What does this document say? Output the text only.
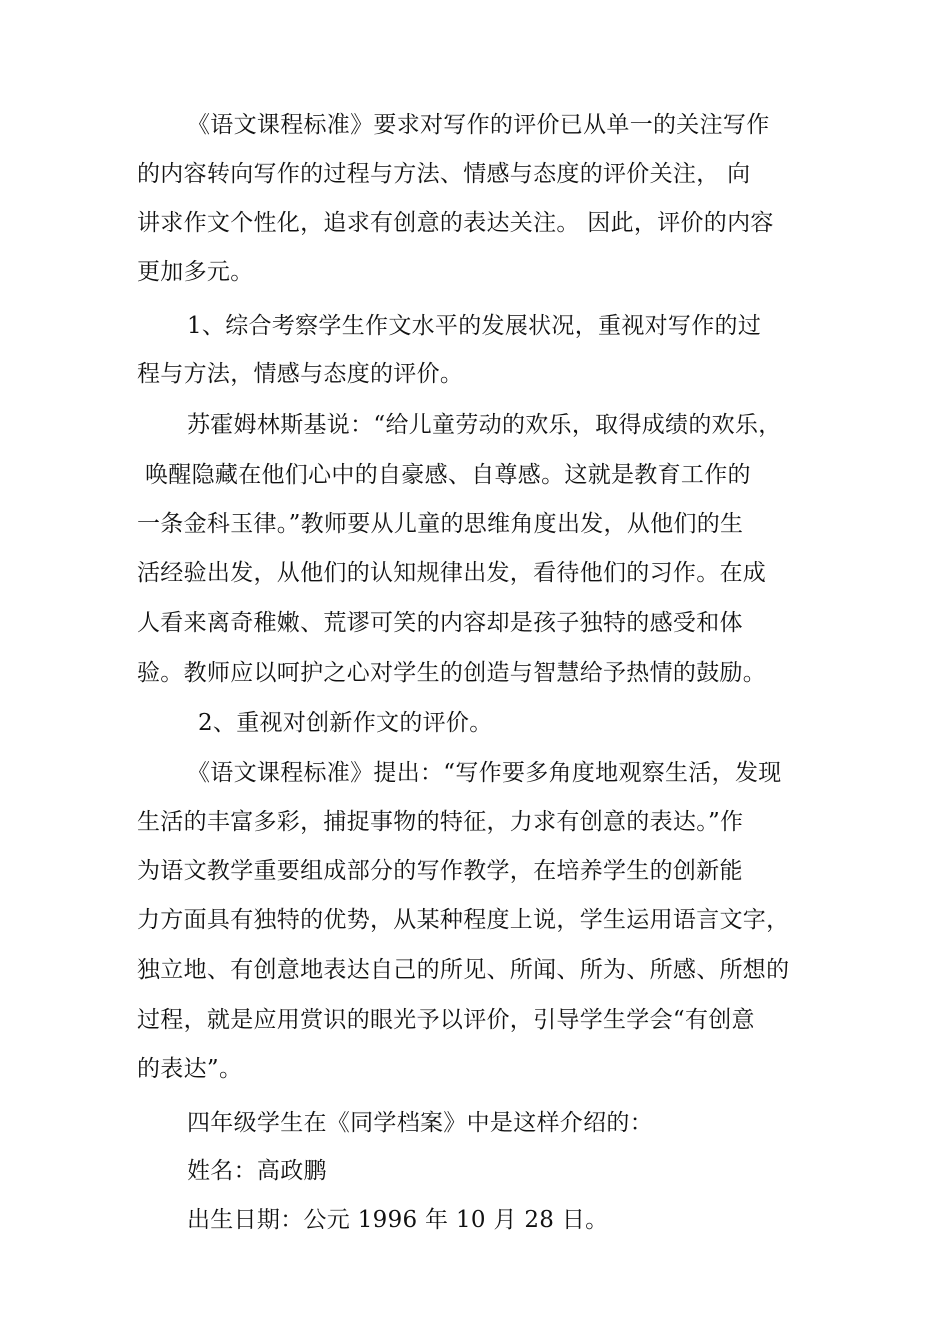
《语文课程标准》要求对写作的评价已从单一的关注写作
的内容转向写作的过程与方法、情感与态度的评价关注， 向
讲求作文个性化，追求有创意的表达关注。 因此，评价的内容
更加多元。
1、综合考察学生作文水平的发展状况，重视对写作的过
程与方法，情感与态度的评价。
苏霍姆林斯基说：“给儿童劳动的欢乐，取得成绩的欢乐，
唤醒隐藏在他们心中的自豪感、自尊感。这就是教育工作的
一条金科玉律。”教师要从儿童的思维角度出发，从他们的生
活经验出发，从他们的认知规律出发，看待他们的习作。在成
人看来离奇稚嫩、荒谬可笑的内容却是孩子独特的感受和体
验。教师应以呵护之心对学生的创造与智慧给予热情的鼓励。
2、重视对创新作文的评价。
《语文课程标准》提出：“写作要多角度地观察生活，发现
生活的丰富多彩，捕捉事物的特征，力求有创意的表达。”作
为语文教学重要组成部分的写作教学，在培养学生的创新能
力方面具有独特的优势，从某种程度上说，学生运用语言文字，
独立地、有创意地表达自己的所见、所闻、所为、所感、所想的
过程，就是应用赏识的眼光予以评价，引导学生学会“有创意
的表达”。
四年级学生在《同学档案》中是这样介绍的：
姓名：高政鹏
出生日期：公元 1996 年 10 月 28 日。
